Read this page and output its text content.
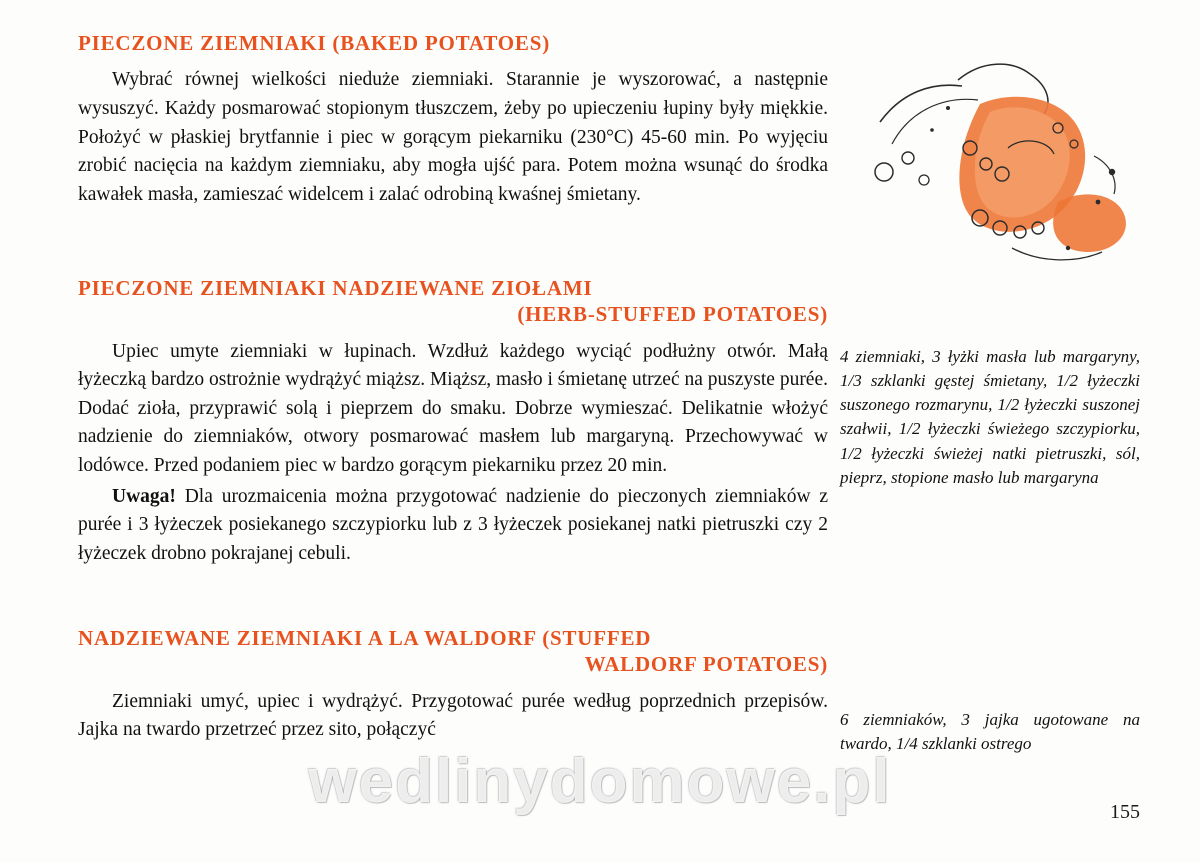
PIECZONE ZIEMNIAKI (BAKED POTATOES)

Wybrać równej wielkości nieduże ziemniaki. Starannie je wyszorować, a następnie wysuszyć. Każdy posmarować stopionym tłuszczem, żeby po upieczeniu łupiny były miękkie. Położyć w płaskiej brytfannie i piec w gorącym piekarniku (230°C) 45-60 min. Po wyjęciu zrobić nacięcia na każdym ziemniaku, aby mogła ujść para. Potem można wsunąć do środka kawałek masła, zamieszać widelcem i zalać odrobiną kwaśnej śmietany.

PIECZONE ZIEMNIAKI NADZIEWANE ZIOŁAMI
(HERB-STUFFED POTATOES)

Upiec umyte ziemniaki w łupinach. Wzdłuż każdego wyciąć podłużny otwór. Małą łyżeczką bardzo ostrożnie wydrążyć miąższ. Miąższ, masło i śmietanę utrzeć na puszyste purée. Dodać zioła, przyprawić solą i pieprzem do smaku. Dobrze wymieszać. Delikatnie włożyć nadzienie do ziemniaków, otwory posmarować masłem lub margaryną. Przechowywać w lodówce. Przed podaniem piec w bardzo gorącym piekarniku przez 20 min.

Uwaga! Dla urozmaicenia można przygotować nadzienie do pieczonych ziemniaków z purée i 3 łyżeczek posiekanego szczypiorku lub z 3 łyżeczek posiekanej natki pietruszki czy 2 łyżeczek drobno pokrajanej cebuli.

NADZIEWANE ZIEMNIAKI A LA WALDORF (STUFFED
WALDORF POTATOES)

Ziemniaki umyć, upiec i wydrążyć. Przygotować purée według poprzednich przepisów. Jajka na twardo przetrzeć przez sito, połączyć

4 ziemniaki, 3 łyżki masła lub margaryny, 1/3 szklanki gęstej śmietany, 1/2 łyżeczki suszonego rozmarynu, 1/2 łyżeczki suszonej szałwii, 1/2 łyżeczki świeżego szczypiorku, 1/2 łyżeczki świeżej natki pietruszki, sól, pieprz, stopione masło lub margaryna

6 ziemniaków, 3 jajka ugotowane na twardo, 1/4 szklanki ostrego

wedlinydomowe.pl	155
